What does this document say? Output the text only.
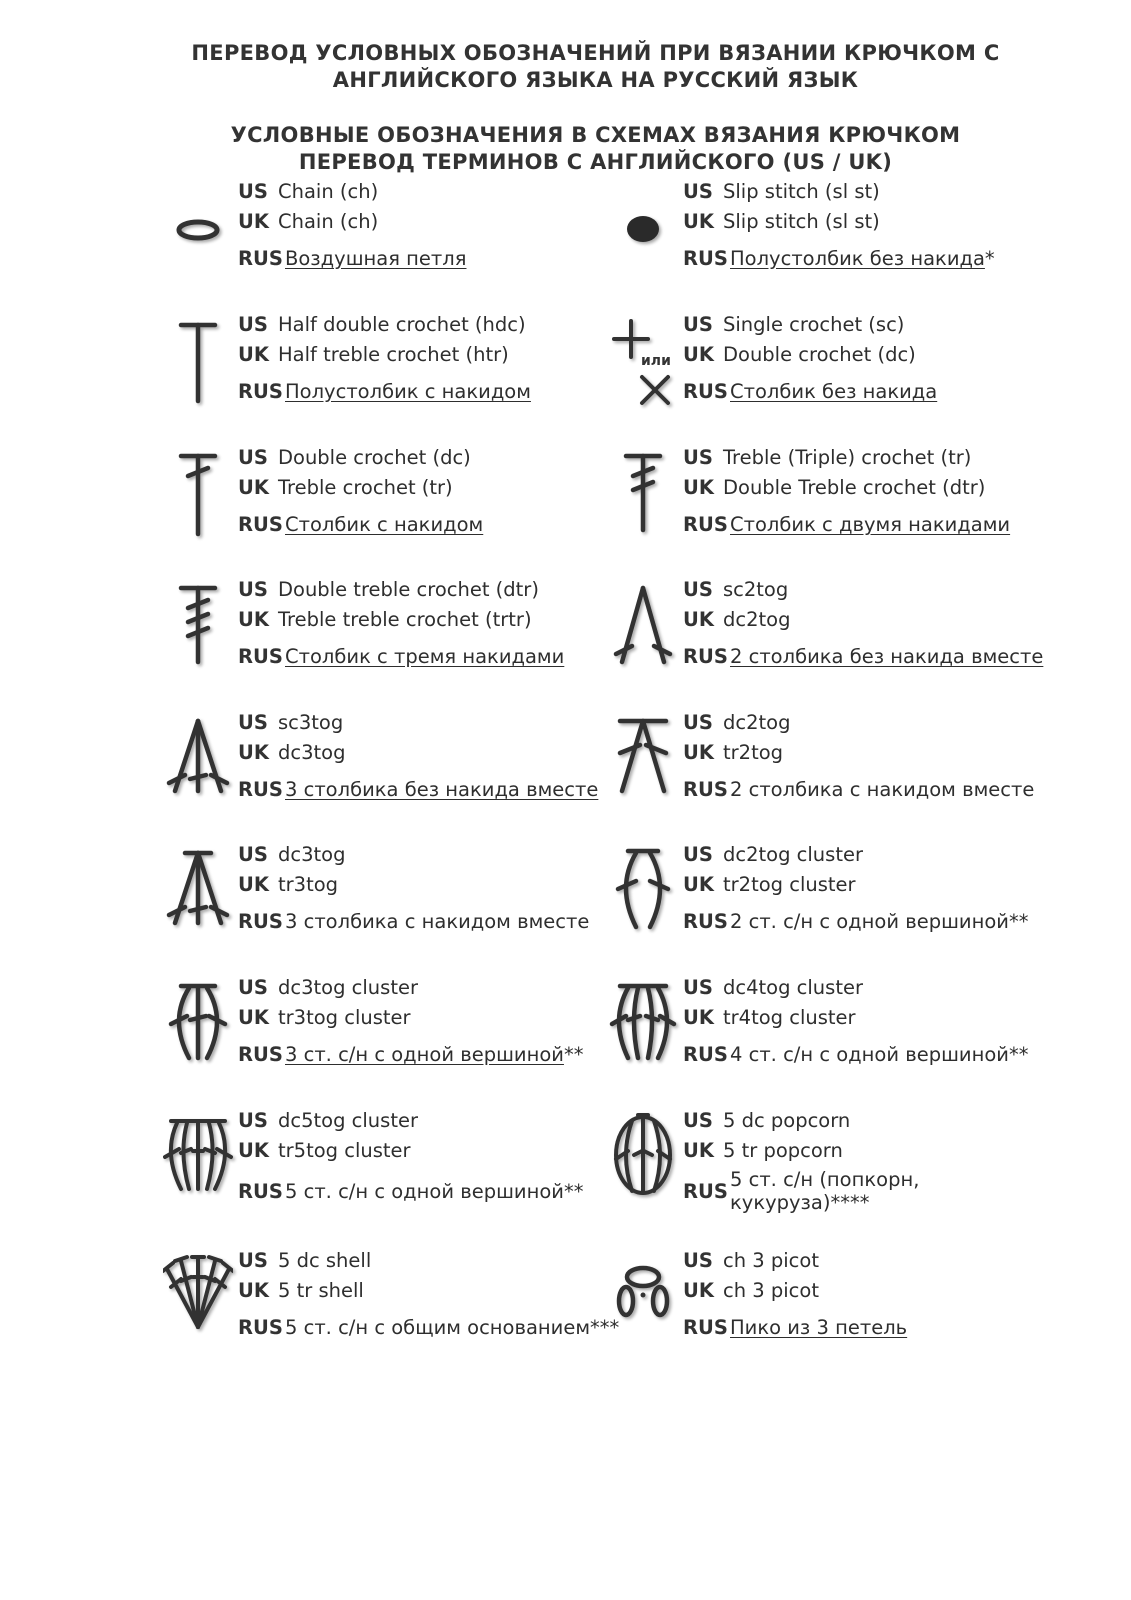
ПЕРЕВОД УСЛОВНЫХ ОБОЗНАЧЕНИЙ ПРИ ВЯЗАНИИ КРЮЧКОМ С
АНГЛИЙСКОГО ЯЗЫКА НА РУССКИЙ ЯЗЫК
УСЛОВНЫЕ ОБОЗНАЧЕНИЯ В СХЕМАХ ВЯЗАНИЯ КРЮЧКОМ
ПЕРЕВОД ТЕРМИНОВ С АНГЛИЙСКОГО (US / UK)
US Chain (ch)
UK Chain (ch)
RUS Воздушная петля
US Slip stitch (sl st)
UK Slip stitch (sl st)
RUS Полустолбик без накида*
US Half double crochet (hdc)
UK Half treble crochet (htr)
RUS Полустолбик с накидом
или
US Single crochet (sc)
UK Double crochet (dc)
RUS Столбик без накида
US Double crochet (dc)
UK Treble crochet (tr)
RUS Столбик с накидом
US Treble (Triple) crochet (tr)
UK Double Treble crochet (dtr)
RUS Столбик с двумя накидами
US Double treble crochet (dtr)
UK Treble treble crochet (trtr)
RUS Столбик с тремя накидами
US sc2tog
UK dc2tog
RUS 2 столбика без накида вместе
US sc3tog
UK dc3tog
RUS 3 столбика без накида вместе
US dc2tog
UK tr2tog
RUS 2 столбика с накидом вместе
US dc3tog
UK tr3tog
RUS 3 столбика с накидом вместе
US dc2tog cluster
UK tr2tog cluster
RUS 2 ст. с/н с одной вершиной**
US dc3tog cluster
UK tr3tog cluster
RUS 3 ст. с/н с одной вершиной**
US dc4tog cluster
UK tr4tog cluster
RUS 4 ст. с/н с одной вершиной**
US dc5tog cluster
UK tr5tog cluster
RUS 5 ст. с/н с одной вершиной**
US 5 dc popcorn
UK 5 tr popcorn
RUS
5 ст. с/н (попкорн,
кукуруза)****
US 5 dc shell
UK 5 tr shell
RUS 5 ст. с/н с общим основанием***
US ch 3 picot
UK ch 3 picot
RUS Пико из 3 петель
